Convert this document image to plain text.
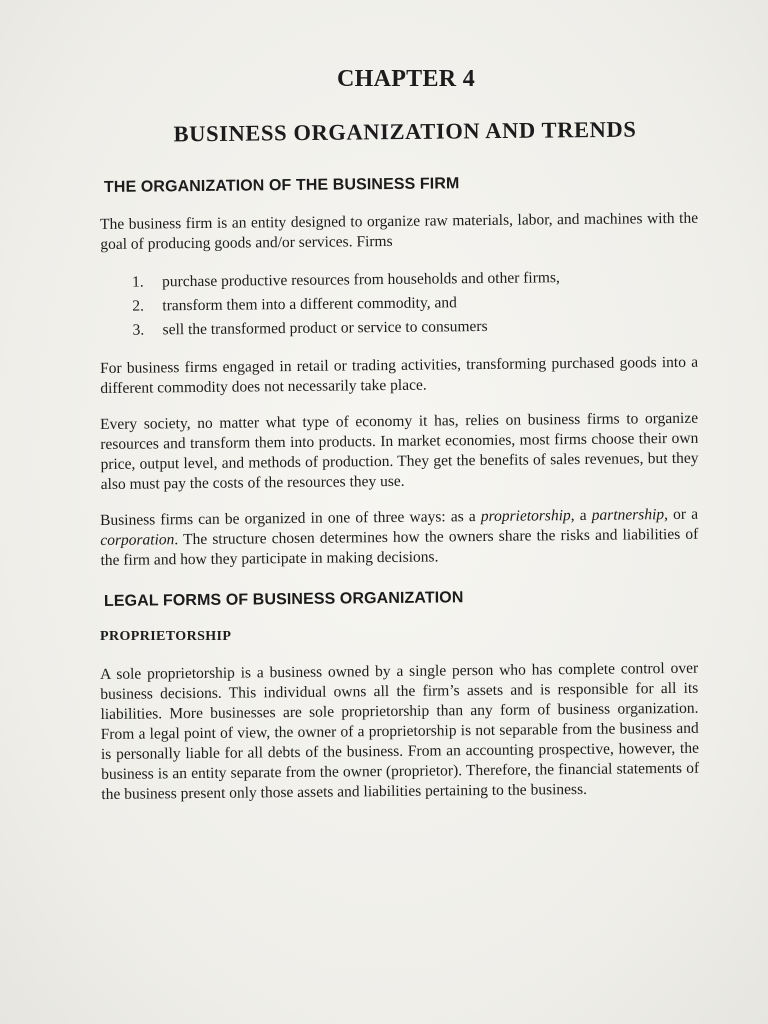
CHAPTER 4
BUSINESS ORGANIZATION AND TRENDS
THE ORGANIZATION OF THE BUSINESS FIRM

The business firm is an entity designed to organize raw materials, labor, and machines with the goal of producing goods and/or services. Firms

1.	purchase productive resources from households and other firms,
2.	transform them into a different commodity, and
3.	sell the transformed product or service to consumers

For business firms engaged in retail or trading activities, transforming purchased goods into a different commodity does not necessarily take place.

Every society, no matter what type of economy it has, relies on business firms to organize resources and transform them into products. In market economies, most firms choose their own price, output level, and methods of production. They get the benefits of sales revenues, but they also must pay the costs of the resources they use.

Business firms can be organized in one of three ways: as a proprietorship, a partnership, or a corporation. The structure chosen determines how the owners share the risks and liabilities of the firm and how they participate in making decisions.

LEGAL FORMS OF BUSINESS ORGANIZATION
PROPRIETORSHIP

A sole proprietorship is a business owned by a single person who has complete control over business decisions. This individual owns all the firm’s assets and is responsible for all its liabilities. More businesses are sole proprietorship than any form of business organization. From a legal point of view, the owner of a proprietorship is not separable from the business and is personally liable for all debts of the business. From an accounting prospective, however, the business is an entity separate from the owner (proprietor). Therefore, the financial statements of the business present only those assets and liabilities pertaining to the business.
